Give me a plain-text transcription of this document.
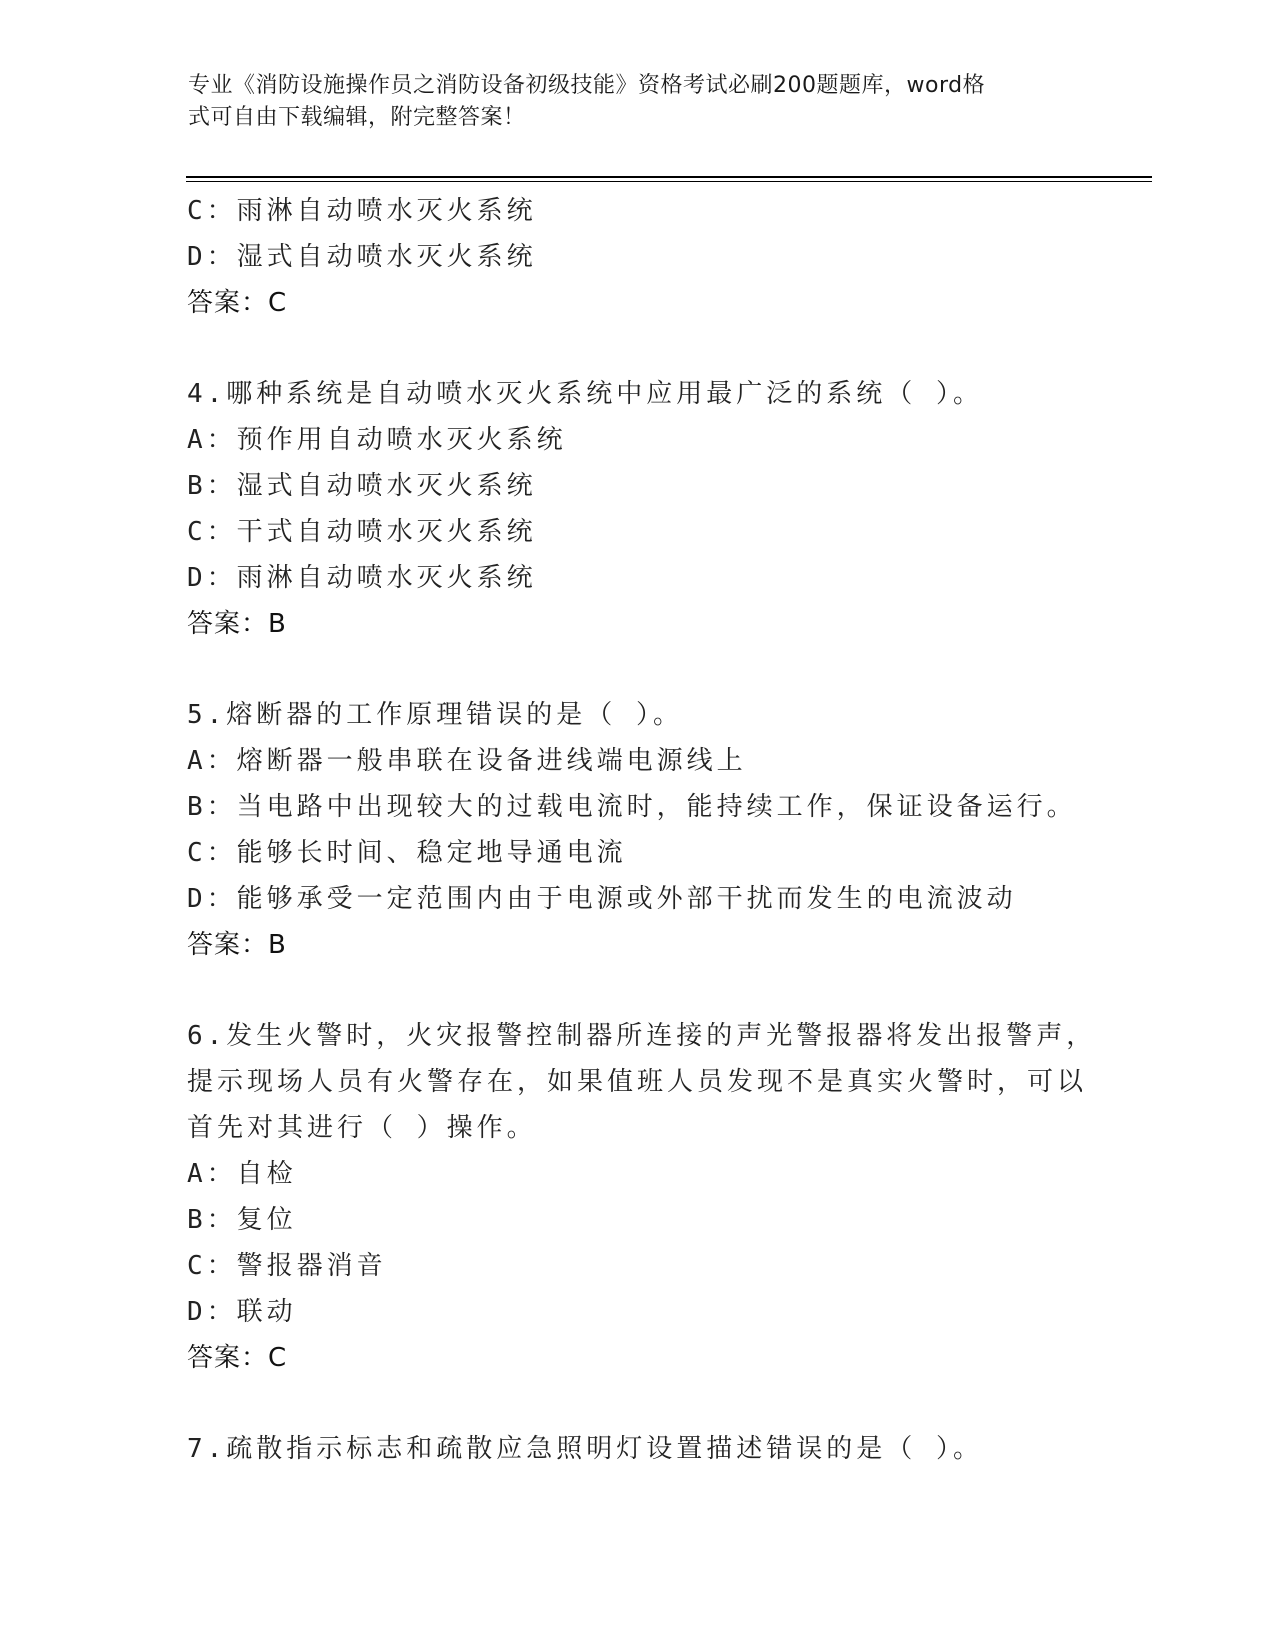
专业《消防设施操作员之消防设备初级技能》资格考试必刷200题题库，word格
式可自由下载编辑，附完整答案！
C：雨淋自动喷水灭火系统
D：湿式自动喷水灭火系统
答案：C
4.哪种系统是自动喷水灭火系统中应用最广泛的系统（ ）。
A：预作用自动喷水灭火系统
B：湿式自动喷水灭火系统
C：干式自动喷水灭火系统
D：雨淋自动喷水灭火系统
答案：B
5.熔断器的工作原理错误的是（ ）。
A：熔断器一般串联在设备进线端电源线上
B：当电路中出现较大的过载电流时，能持续工作，保证设备运行。
C：能够长时间、稳定地导通电流
D：能够承受一定范围内由于电源或外部干扰而发生的电流波动
答案：B
6.发生火警时，火灾报警控制器所连接的声光警报器将发出报警声，
提示现场人员有火警存在，如果值班人员发现不是真实火警时，可以
首先对其进行（ ）操作。
A：自检
B：复位
C：警报器消音
D：联动
答案：C
7.疏散指示标志和疏散应急照明灯设置描述错误的是（ ）。
